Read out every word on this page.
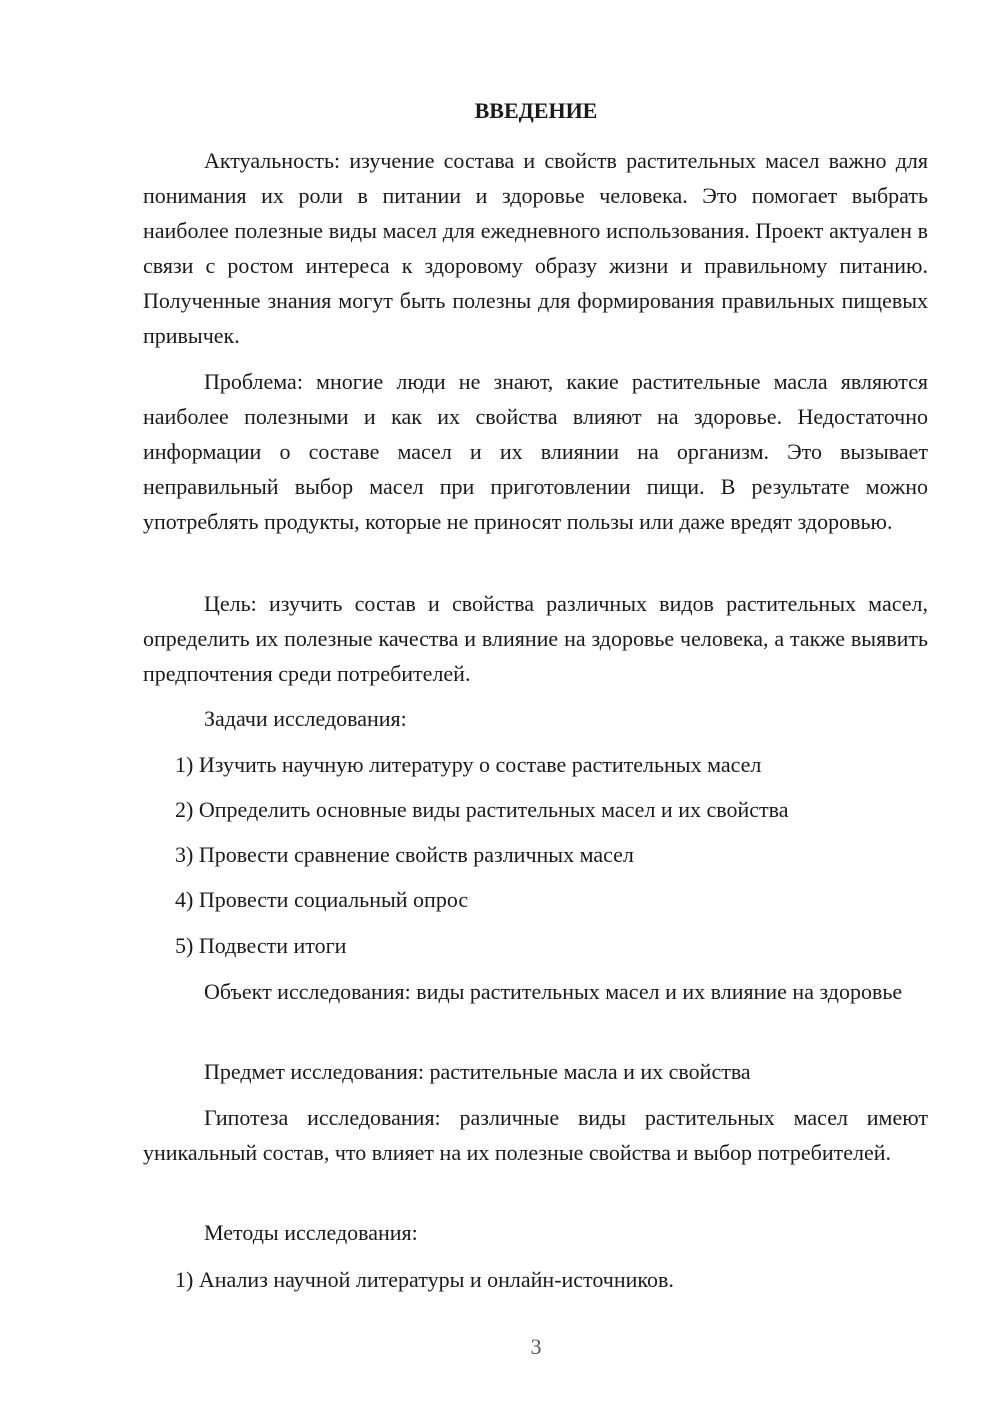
ВВЕДЕНИЕ
Актуальность: изучение состава и свойств растительных масел важно для понимания их роли в питании и здоровье человека. Это помогает выбрать наиболее полезные виды масел для ежедневного использования. Проект актуален в связи с ростом интереса к здоровому образу жизни и правильному питанию. Полученные знания могут быть полезны для формирования правильных пищевых привычек.
Проблема: многие люди не знают, какие растительные масла являются наиболее полезными и как их свойства влияют на здоровье. Недостаточно информации о составе масел и их влиянии на организм. Это вызывает неправильный выбор масел при приготовлении пищи. В результате можно употреблять продукты, которые не приносят пользы или даже вредят здоровью.
Цель: изучить состав и свойства различных видов растительных масел, определить их полезные качества и влияние на здоровье человека, а также выявить предпочтения среди потребителей.
Задачи исследования:
1) Изучить научную литературу о составе растительных масел
2) Определить основные виды растительных масел и их свойства
3) Провести сравнение свойств различных масел
4) Провести социальный опрос
5) Подвести итоги
Объект исследования: виды растительных масел и их влияние на здоровье
Предмет исследования: растительные масла и их свойства
Гипотеза исследования: различные виды растительных масел имеют уникальный состав, что влияет на их полезные свойства и выбор потребителей.
Методы исследования:
1) Анализ научной литературы и онлайн-источников.
3
